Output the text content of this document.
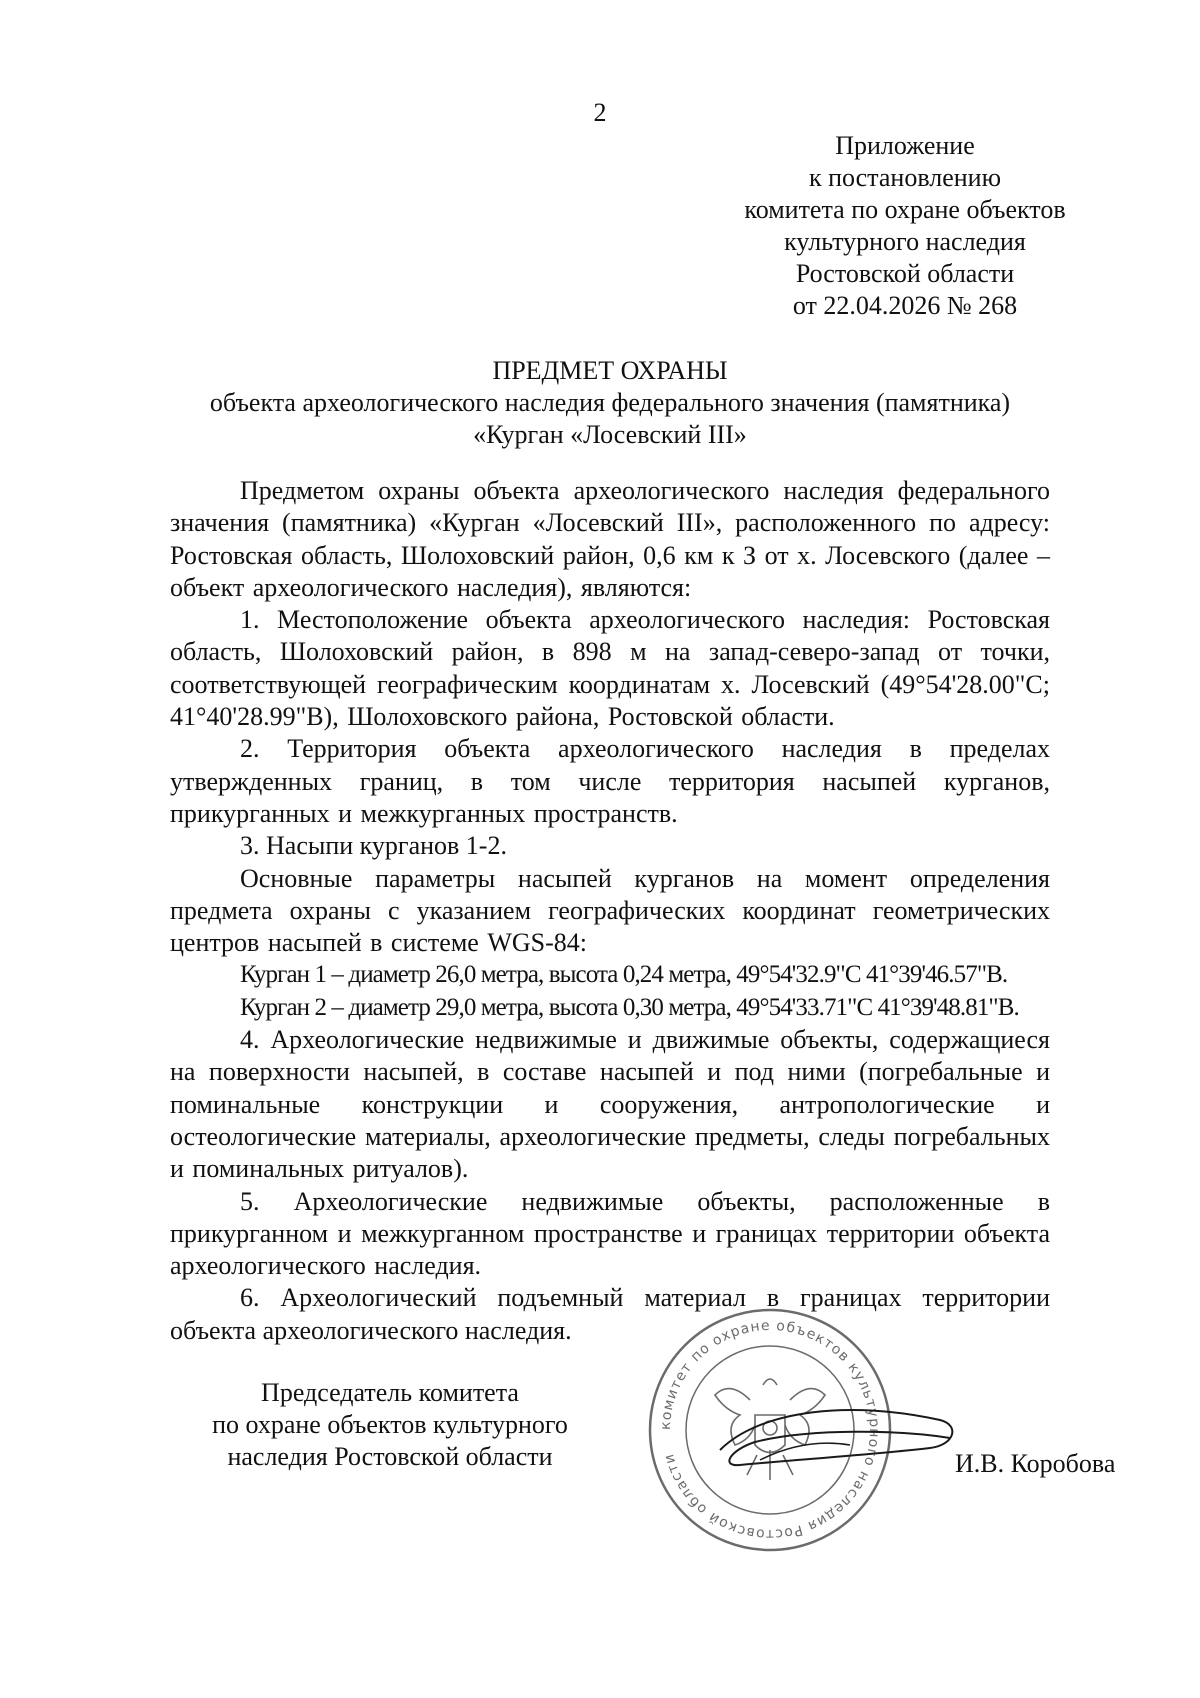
2
Приложение
к постановлению
комитета по охране объектов
культурного наследия
Ростовской области
от 22.04.2026 № 268
ПРЕДМЕТ ОХРАНЫ
объекта археологического наследия федерального значения (памятника)
«Курган «Лосевский III»

Предметом охраны объекта археологического наследия федерального значения (памятника) «Курган «Лосевский III», расположенного по адресу: Ростовская область, Шолоховский район, 0,6 км к З от х. Лосевского (далее – объект археологического наследия), являются:

1. Местоположение объекта археологического наследия: Ростовская область, Шолоховский район, в 898 м на запад-северо-запад от точки, соответствующей географическим координатам х. Лосевский (49°54'28.00"С; 41°40'28.99"В), Шолоховского района, Ростовской области.

2. Территория объекта археологического наследия в пределах утвержденных границ, в том числе территория насыпей курганов, прикурганных и межкурганных пространств.

3. Насыпи курганов 1-2.

Основные параметры насыпей курганов на момент определения предмета охраны с указанием географических координат геометрических центров насыпей в системе WGS-84:

Курган 1 – диаметр 26,0 метра, высота 0,24 метра, 49°54'32.9"С 41°39'46.57"В.

Курган 2 – диаметр 29,0 метра, высота 0,30 метра, 49°54'33.71"С 41°39'48.81"В.

4. Археологические недвижимые и движимые объекты, содержащиеся на поверхности насыпей, в составе насыпей и под ними (погребальные и поминальные конструкции и сооружения, антропологические и остеологические материалы, археологические предметы, следы погребальных и поминальных ритуалов).

5. Археологические недвижимые объекты, расположенные в прикурганном и межкурганном пространстве и границах территории объекта археологического наследия.

6. Археологический подъемный материал в границах территории объекта археологического наследия.

Председатель комитета
по охране объектов культурного
наследия Ростовской области
комитет по охране объектов культурного наследия Ростовской области	И.В. Коробова
